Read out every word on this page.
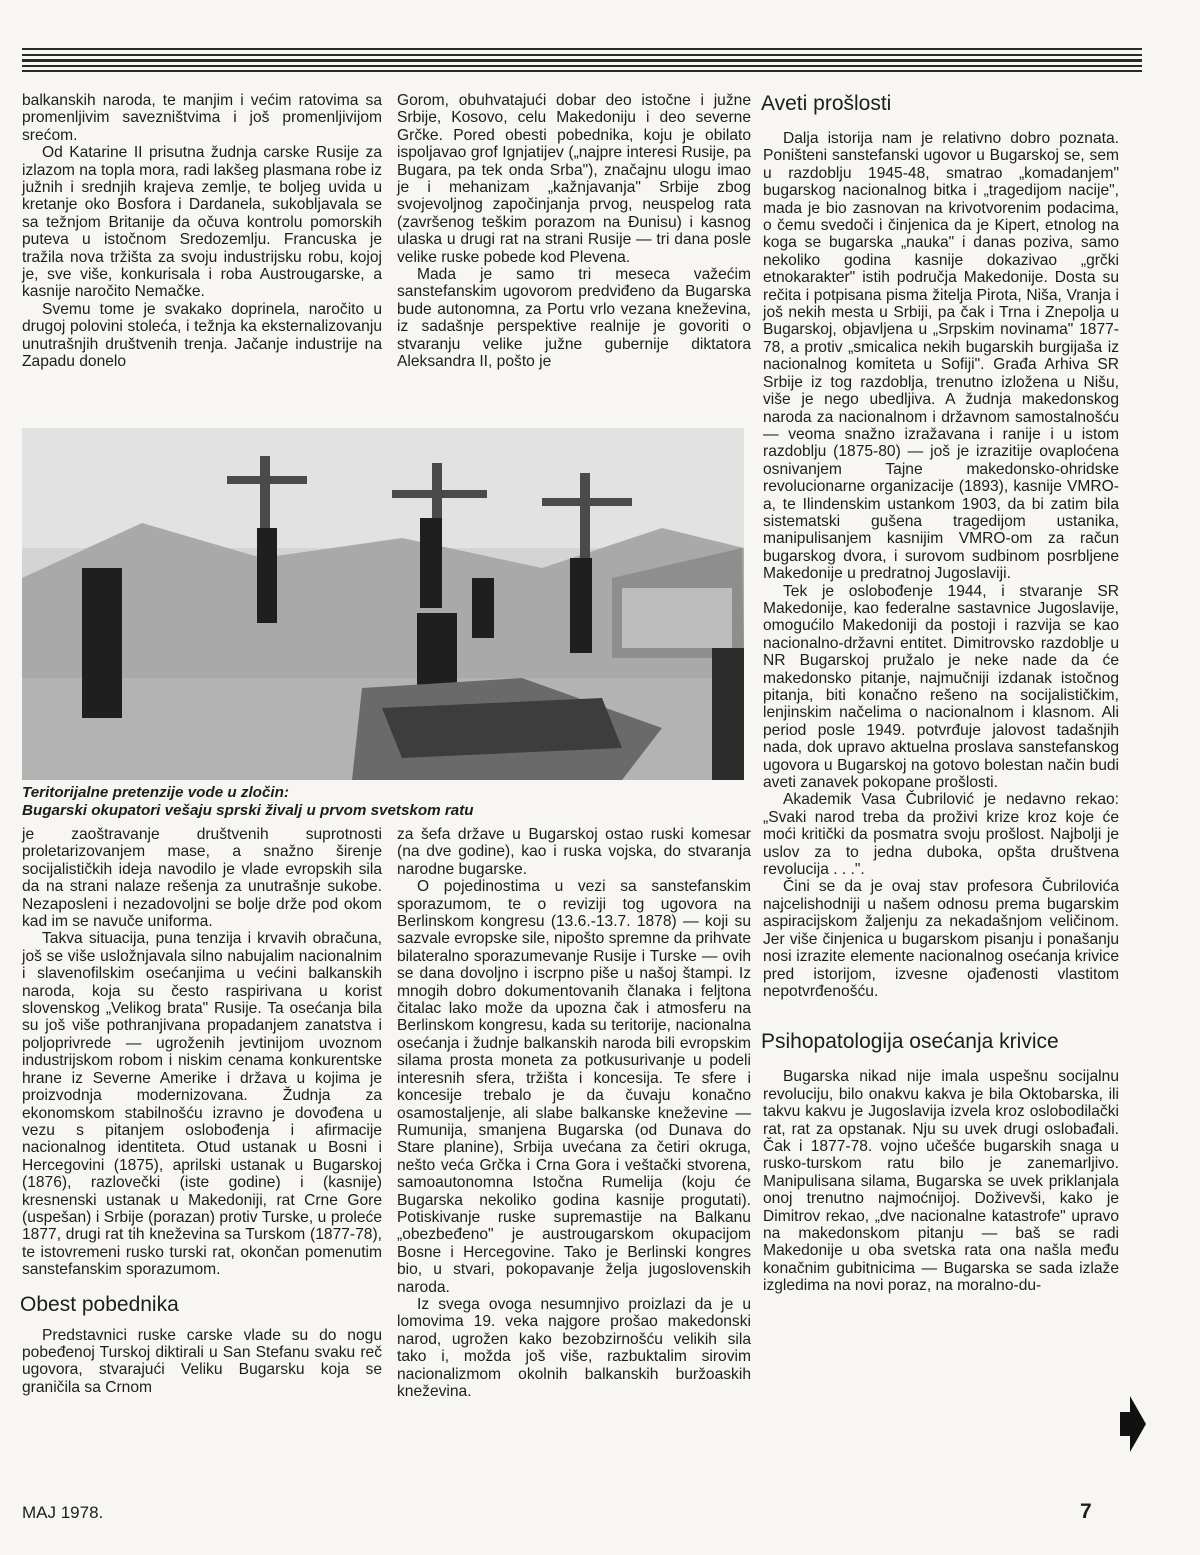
balkanskih naroda, te manjim i većim ratovima sa promenljivim savezništvima i još promenljivijom srećom.

Od Katarine II prisutna žudnja carske Rusije za izlazom na topla mora, radi lakšeg plasmana robe iz južnih i srednjih krajeva zemlje, te boljeg uvida u kretanje oko Bosfora i Dardanela, sukobljavala se sa težnjom Britanije da očuva kontrolu pomorskih puteva u istočnom Sredozemlju. Francuska je tražila nova tržišta za svoju industrijsku robu, kojoj je, sve više, konkurisala i roba Austrougarske, a kasnije naročito Nemačke.

Svemu tome je svakako doprinela, naročito u drugoj polovini stoleća, i težnja ka eksternalizovanju unutrašnjih društvenih trenja. Jačanje industrije na Zapadu donelo

Gorom, obuhvatajući dobar deo istočne i južne Srbije, Kosovo, celu Makedoniju i deo severne Grčke. Pored obesti pobednika, koju je obilato ispoljavao grof Ignjatijev („najpre interesi Rusije, pa Bugara, pa tek onda Srba"), značajnu ulogu imao je i mehanizam „kažnjavanja" Srbije zbog svojevoljnog započinjanja prvog, neuspelog rata (završenog teškim porazom na Đunisu) i kasnog ulaska u drugi rat na strani Rusije — tri dana posle velike ruske pobede kod Plevena.

Mada je samo tri meseca važećim sanstefanskim ugovorom predviđeno da Bugarska bude autonomna, za Portu vrlo vezana kneževina, iz sadašnje perspektive realnije je govoriti o stvaranju velike južne gubernije diktatora Aleksandra II, pošto je

Aveti prošlosti

Dalja istorija nam je relativno dobro poznata. Poništeni sanstefanski ugovor u Bugarskoj se, sem u razdoblju 1945-48, smatrao „komadanjem" bugarskog nacionalnog bitka i „tragedijom nacije", mada je bio zasnovan na krivotvorenim podacima, o čemu svedoči i činjenica da je Kipert, etnolog na koga se bugarska „nauka" i danas poziva, samo nekoliko godina kasnije dokazivao „grčki etnokarakter" istih područja Makedonije. Dosta su rečita i potpisana pisma žitelja Pirota, Niša, Vranja i još nekih mesta u Srbiji, pa čak i Trna i Znepolja u Bugarskoj, objavljena u „Srpskim novinama" 1877-78, a protiv „smicalica nekih bugarskih burgijaša iz nacionalnog komiteta u Sofiji". Građa Arhiva SR Srbije iz tog razdoblja, trenutno izložena u Nišu, više je nego ubedljiva. A žudnja makedonskog naroda za nacionalnom i državnom samostalnošću — veoma snažno izražavana i ranije i u istom razdoblju (1875-80) — još je izrazitije ovaploćena osnivanjem Tajne makedonsko-ohridske revolucionarne organizacije (1893), kasnije VMRO-a, te Ilindenskim ustankom 1903, da bi zatim bila sistematski gušena tragedijom ustanika, manipulisanjem kasnijim VMRO-om za račun bugarskog dvora, i surovom sudbinom posrbljene Makedonije u predratnoj Jugoslaviji.

Tek je oslobođenje 1944, i stvaranje SR Makedonije, kao federalne sastavnice Jugoslavije, omogućilo Makedoniji da postoji i razvija se kao nacionalno-državni entitet. Dimitrovsko razdoblje u NR Bugarskoj pružalo je neke nade da će makedonsko pitanje, najmučniji izdanak istočnog pitanja, biti konačno rešeno na socijalističkim, lenjinskim načelima o nacionalnom i klasnom. Ali period posle 1949. potvrđuje jalovost tadašnjih nada, dok upravo aktuelna proslava sanstefanskog ugovora u Bugarskoj na gotovo bolestan način budi aveti zanavek pokopane prošlosti.

Akademik Vasa Čubrilović je nedavno rekao: „Svaki narod treba da proživi krize kroz koje će moći kritički da posmatra svoju prošlost. Najbolji je uslov za to jedna duboka, opšta društvena revolucija . . .".

Čini se da je ovaj stav profesora Čubrilovića najcelishodniji u našem odnosu prema bugarskim aspiracijskom žaljenju za nekadašnjom veličinom. Jer više činjenica u bugarskom pisanju i ponašanju nosi izrazite elemente nacionalnog osećanja krivice pred istorijom, izvesne ojađenosti vlastitom nepotvrđenošću.

Psihopatologija osećanja krivice

Bugarska nikad nije imala uspešnu socijalnu revoluciju, bilo onakvu kakva je bila Oktobarska, ili takvu kakvu je Jugoslavija izvela kroz oslobodilački rat, rat za opstanak. Nju su uvek drugi oslobađali. Čak i 1877-78. vojno učešće bugarskih snaga u rusko-turskom ratu bilo je zanemarljivo. Manipulisana silama, Bugarska se uvek priklanjala onoj trenutno najmoćnijoj. Doživevši, kako je Dimitrov rekao, „dve nacionalne katastrofe" upravo na makedonskom pitanju — baš se radi Makedonije u oba svetska rata ona našla među konačnim gubitnicima — Bugarska se sada izlaže izgledima na novi poraz, na moralno-du-

Teritorijalne pretenzije vode u zločin:
Bugarski okupatori vešaju sprski živalj u prvom svetskom ratu

je zaoštravanje društvenih suprotnosti proletarizovanjem mase, a snažno širenje socijalističkih ideja navodilo je vlade evropskih sila da na strani nalaze rešenja za unutrašnje sukobe. Nezaposleni i nezadovoljni se bolje drže pod okom kad im se navuče uniforma.

Takva situacija, puna tenzija i krvavih obračuna, još se više usložnjavala silno nabujalim nacionalnim i slavenofilskim osećanjima u većini balkanskih naroda, koja su često raspirivana u korist slovenskog „Velikog brata" Rusije. Ta osećanja bila su još više pothranjivana propadanjem zanatstva i poljoprivrede — ugroženih jevtinijom uvoznom industrijskom robom i niskim cenama konkurentske hrane iz Severne Amerike i država u kojima je proizvodnja modernizovana. Žudnja za ekonomskom stabilnošću izravno je dovođena u vezu s pitanjem oslobođenja i afirmacije nacionalnog identiteta. Otud ustanak u Bosni i Hercegovini (1875), aprilski ustanak u Bugarskoj (1876), razlovečki (iste godine) i (kasnije) kresnenski ustanak u Makedoniji, rat Crne Gore (uspešan) i Srbije (porazan) protiv Turske, u proleće 1877, drugi rat tih kneževina sa Turskom (1877-78), te istovremeni rusko turski rat, okončan pomenutim sanstefanskim sporazumom.

Obest pobednika

Predstavnici ruske carske vlade su do nogu pobeđenoj Turskoj diktirali u San Stefanu svaku reč ugovora, stvarajući Veliku Bugarsku koja se graničila sa Crnom

za šefa države u Bugarskoj ostao ruski komesar (na dve godine), kao i ruska vojska, do stvaranja narodne bugarske.

O pojedinostima u vezi sa sanstefanskim sporazumom, te o reviziji tog ugovora na Berlinskom kongresu (13.6.-13.7. 1878) — koji su sazvale evropske sile, nipošto spremne da prihvate bilateralno sporazumevanje Rusije i Turske — ovih se dana dovoljno i iscrpno piše u našoj štampi. Iz mnogih dobro dokumentovanih članaka i feljtona čitalac lako može da upozna čak i atmosferu na Berlinskom kongresu, kada su teritorije, nacionalna osećanja i žudnje balkanskih naroda bili evropskim silama prosta moneta za potkusurivanje u podeli interesnih sfera, tržišta i koncesija. Te sfere i koncesije trebalo je da čuvaju konačno osamostaljenje, ali slabe balkanske kneževine — Rumunija, smanjena Bugarska (od Dunava do Stare planine), Srbija uvećana za četiri okruga, nešto veća Grčka i Crna Gora i veštački stvorena, samoautonomna Istočna Rumelija (koju će Bugarska nekoliko godina kasnije progutati). Potiskivanje ruske supremastije na Balkanu „obezbeđeno" je austrougarskom okupacijom Bosne i Hercegovine. Tako je Berlinski kongres bio, u stvari, pokopavanje želja jugoslovenskih naroda.

Iz svega ovoga nesumnjivo proizlazi da je u lomovima 19. veka najgore prošao makedonski narod, ugrožen kako bezobzirnošću velikih sila tako i, možda još više, razbuktalim sirovim nacionalizmom okolnih balkanskih buržoaskih kneževina.

MAJ 1978.	7
